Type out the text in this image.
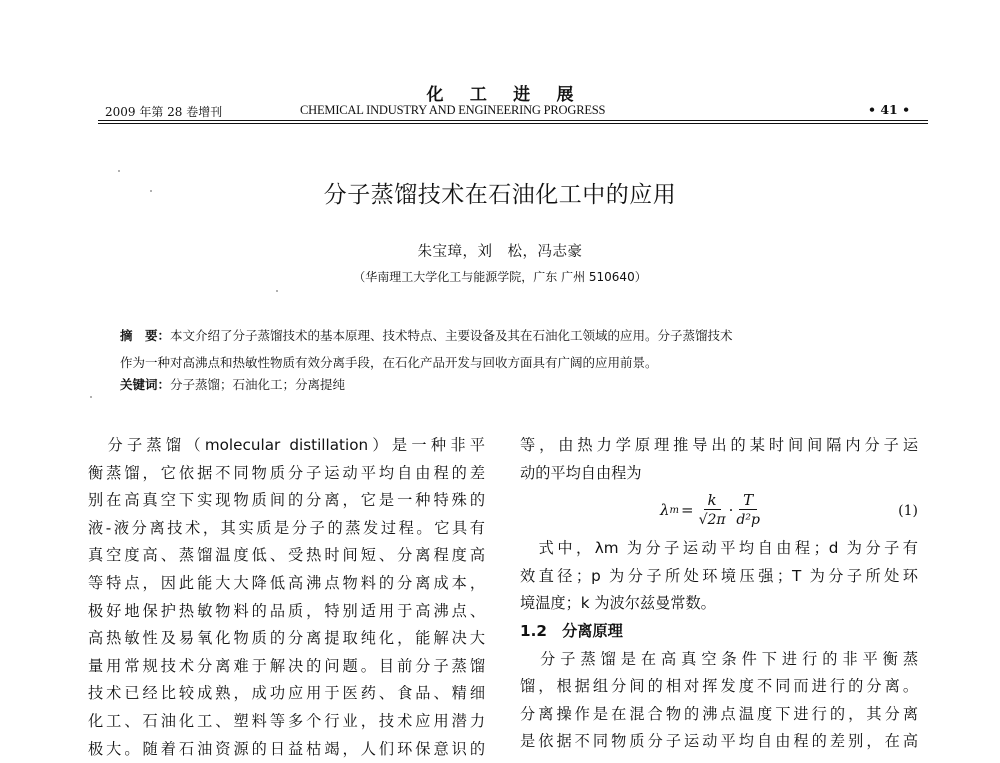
化工进展
2009 年第 28 卷增刊	CHEMICAL INDUSTRY AND ENGINEERING PROGRESS	• 41 •
分子蒸馏技术在石油化工中的应用
朱宝璋，刘　松，冯志豪
（华南理工大学化工与能源学院，广东 广州 510640）
摘　要：本文介绍了分子蒸馏技术的基本原理、技术特点、主要设备及其在石油化工领域的应用。分子蒸馏技术
作为一种对高沸点和热敏性物质有效分离手段，在石化产品开发与回收方面具有广阔的应用前景。
关键词：分子蒸馏；石油化工；分离提纯

　分子蒸馏（molecular distillation）是一种非平

衡蒸馏，它依据不同物质分子运动平均自由程的差

别在高真空下实现物质间的分离，它是一种特殊的

液-液分离技术，其实质是分子的蒸发过程。它具有

真空度高、蒸馏温度低、受热时间短、分离程度高

等特点，因此能大大降低高沸点物料的分离成本，

极好地保护热敏物料的品质，特别适用于高沸点、

高热敏性及易氧化物质的分离提取纯化，能解决大

量用常规技术分离难于解决的问题。目前分子蒸馏

技术已经比较成熟，成功应用于医药、食品、精细

化工、石油化工、塑料等多个行业，技术应用潜力

极大。随着石油资源的日益枯竭，人们环保意识的

等，由热力学原理推导出的某时间间隔内分子运

动的平均自由程为

λ $m = \frac{k}{√2\pi} \cdot \frac{T}{\text{d²p}}$	(1)

　式中，λm 为分子运动平均自由程；d 为分子有

效直径；p 为分子所处环境压强；T 为分子所处环

境温度；k 为波尔兹曼常数。

1.2　分离原理

　分子蒸馏是在高真空条件下进行的非平衡蒸

馏，根据组分间的相对挥发度不同而进行的分离。

分离操作是在混合物的沸点温度下进行的，其分离

是依据不同物质分子运动平均自由程的差别，在高
